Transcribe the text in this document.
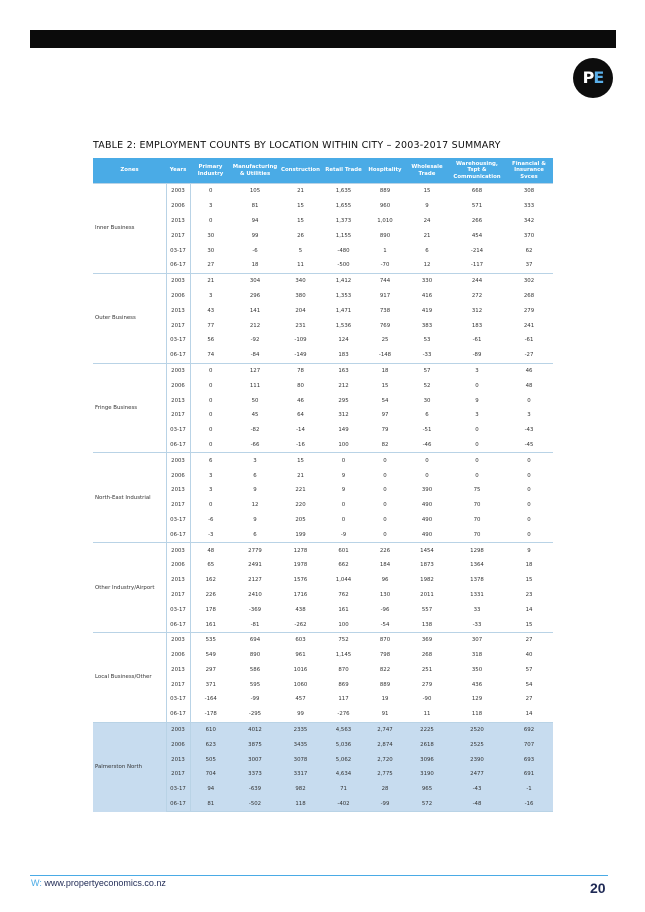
PE
TABLE 2: EMPLOYMENT COUNTS BY LOCATION WITHIN CITY – 2003-2017 SUMMARY
Zones	Years	Primary Industry	Manufacturing & Utilities	Construction	Retail Trade	Hospitality	Wholesale Trade	Warehousing, Tspt & Communication	Financial & Insurance Svces
Inner Business	2003	0	105	21	1,635	889	15	668	308
	2006	3	81	15	1,655	960	9	571	333
	2013	0	94	15	1,373	1,010	24	266	342
	2017	30	99	26	1,155	890	21	454	370
	03-17	30	-6	5	-480	1	6	-214	62
	06-17	27	18	11	-500	-70	12	-117	37
Outer Business	2003	21	304	340	1,412	744	330	244	302
	2006	3	296	380	1,353	917	416	272	268
	2013	43	141	204	1,471	738	419	312	279
	2017	77	212	231	1,536	769	383	183	241
	03-17	56	-92	-109	124	25	53	-61	-61
	06-17	74	-84	-149	183	-148	-33	-89	-27
Fringe Business	2003	0	127	78	163	18	57	3	46
	2006	0	111	80	212	15	52	0	48
	2013	0	50	46	295	54	30	9	0
	2017	0	45	64	312	97	6	3	3
	03-17	0	-82	-14	149	79	-51	0	-43
	06-17	0	-66	-16	100	82	-46	0	-45
North-East Industrial	2003	6	3	15	0	0	0	0	0
	2006	3	6	21	9	0	0	0	0
	2013	3	9	221	9	0	390	75	0
	2017	0	12	220	0	0	490	70	0
	03-17	-6	9	205	0	0	490	70	0
	06-17	-3	6	199	-9	0	490	70	0
Other Industry/Airport	2003	48	2779	1278	601	226	1454	1298	9
	2006	65	2491	1978	662	184	1873	1364	18
	2013	162	2127	1576	1,044	96	1982	1378	15
	2017	226	2410	1716	762	130	2011	1331	23
	03-17	178	-369	438	161	-96	557	33	14
	06-17	161	-81	-262	100	-54	138	-33	15
Local Business/Other	2003	535	694	603	752	870	369	307	27
	2006	549	890	961	1,145	798	268	318	40
	2013	297	586	1016	870	822	251	350	57
	2017	371	595	1060	869	889	279	436	54
	03-17	-164	-99	457	117	19	-90	129	27
	06-17	-178	-295	99	-276	91	11	118	14
Palmerston North	2003	610	4012	2335	4,563	2,747	2225	2520	692
	2006	623	3875	3435	5,036	2,874	2618	2525	707
	2013	505	3007	3078	5,062	2,720	3096	2390	693
	2017	704	3373	3317	4,634	2,775	3190	2477	691
	03-17	94	-639	982	71	28	965	-43	-1
	06-17	81	-502	118	-402	-99	572	-48	-16
W: www.propertyeconomics.co.nz	20
